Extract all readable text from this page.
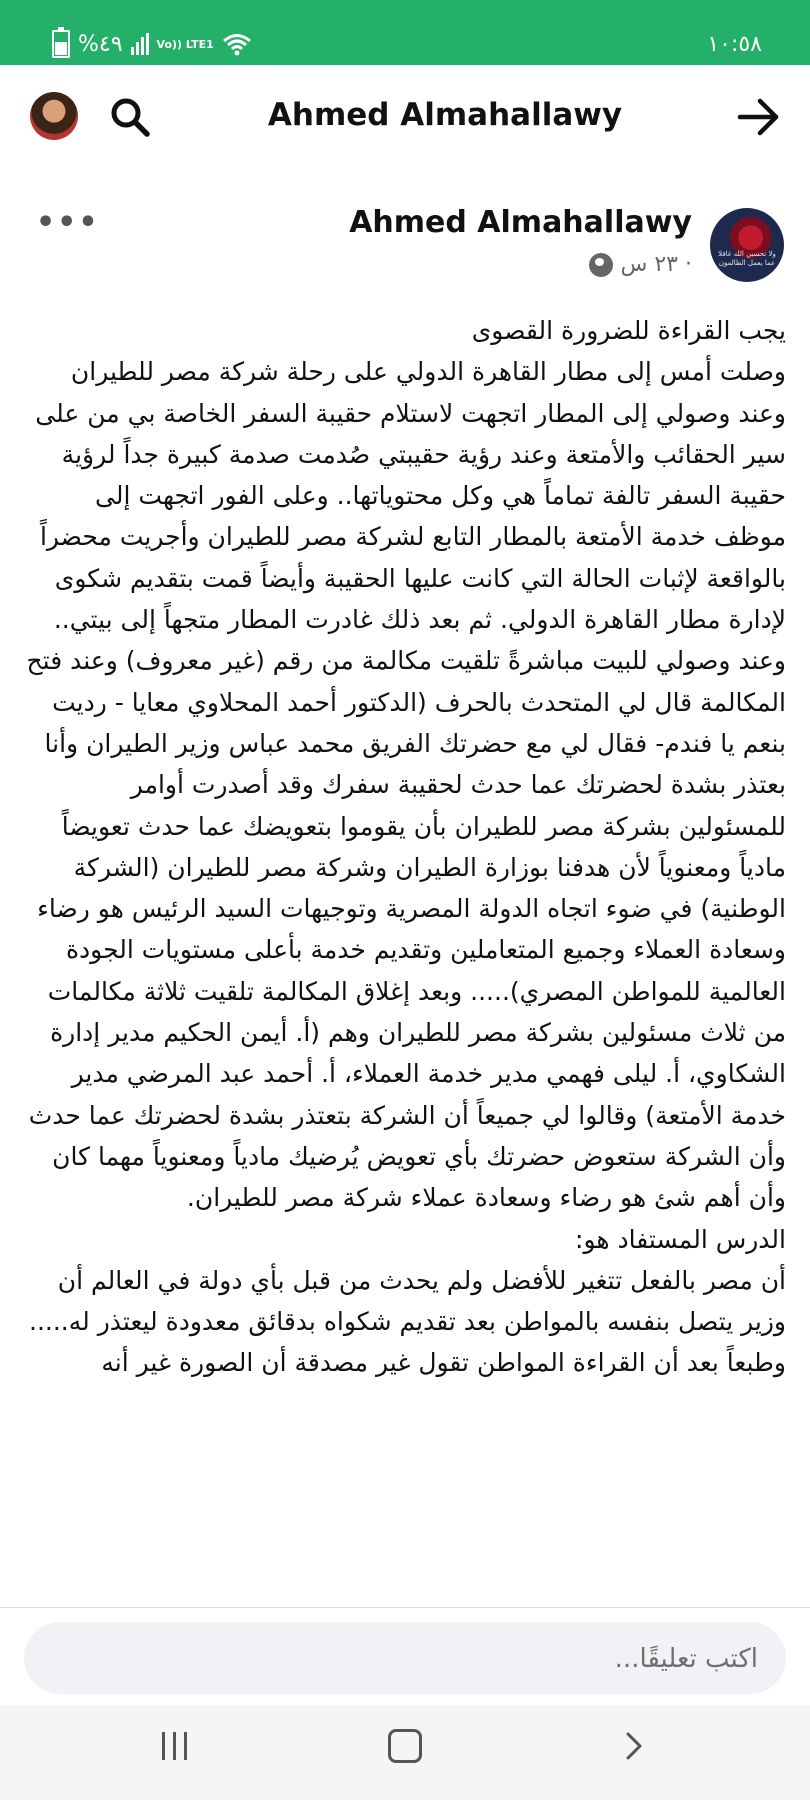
%٤٩	Vo)) LTE1	١٠:٥٨
Ahmed Almahallawy
•••
ولا تحسبن الله غافلا عما يعمل الظالمون
Ahmed Almahallawy
٢٣ س ·
يجب القراءة للضرورة القصوى
وصلت أمس إلى مطار القاهرة الدولي على رحلة شركة مصر للطيران وعند وصولي إلى المطار اتجهت لاستلام حقيبة السفر الخاصة بي من على سير الحقائب والأمتعة وعند رؤية حقيبتي صُدمت صدمة كبيرة جداً لرؤية حقيبة السفر تالفة تماماً هي وكل محتوياتها.. وعلى الفور اتجهت إلى موظف خدمة الأمتعة بالمطار التابع لشركة مصر للطيران وأجريت محضراً بالواقعة لإثبات الحالة التي كانت عليها الحقيبة وأيضاً قمت بتقديم شكوى لإدارة مطار القاهرة الدولي. ثم بعد ذلك غادرت المطار متجهاً إلى بيتي.. وعند وصولي للبيت مباشرةً تلقيت مكالمة من رقم (غير معروف) وعند فتح المكالمة قال لي المتحدث بالحرف (الدكتور أحمد المحلاوي معايا - رديت بنعم يا فندم- فقال لي مع حضرتك الفريق محمد عباس وزير الطيران وأنا بعتذر بشدة لحضرتك عما حدث لحقيبة سفرك وقد أصدرت أوامر للمسئولين بشركة مصر للطيران بأن يقوموا بتعويضك عما حدث تعويضاً مادياً ومعنوياً لأن هدفنا بوزارة الطيران وشركة مصر للطيران (الشركة الوطنية) في ضوء اتجاه الدولة المصرية وتوجيهات السيد الرئيس هو رضاء وسعادة العملاء وجميع المتعاملين وتقديم خدمة بأعلى مستويات الجودة العالمية للمواطن المصري)..... وبعد إغلاق المكالمة تلقيت ثلاثة مكالمات من ثلاث مسئولين بشركة مصر للطيران وهم (أ. أيمن الحكيم مدير إدارة الشكاوي، أ. ليلى فهمي مدير خدمة العملاء، أ. أحمد عبد المرضي مدير خدمة الأمتعة) وقالوا لي جميعاً أن الشركة بتعتذر بشدة لحضرتك عما حدث وأن الشركة ستعوض حضرتك بأي تعويض يُرضيك مادياً ومعنوياً مهما كان وأن أهم شئ هو رضاء وسعادة عملاء شركة مصر للطيران.
الدرس المستفاد هو:
أن مصر بالفعل تتغير للأفضل ولم يحدث من قبل بأي دولة في العالم أن وزير يتصل بنفسه بالمواطن بعد تقديم شكواه بدقائق معدودة ليعتذر له.....
وطبعاً بعد أن القراءة المواطن تقول غير مصدقة أن الصورة غير أنه
اكتب تعليقًا...
